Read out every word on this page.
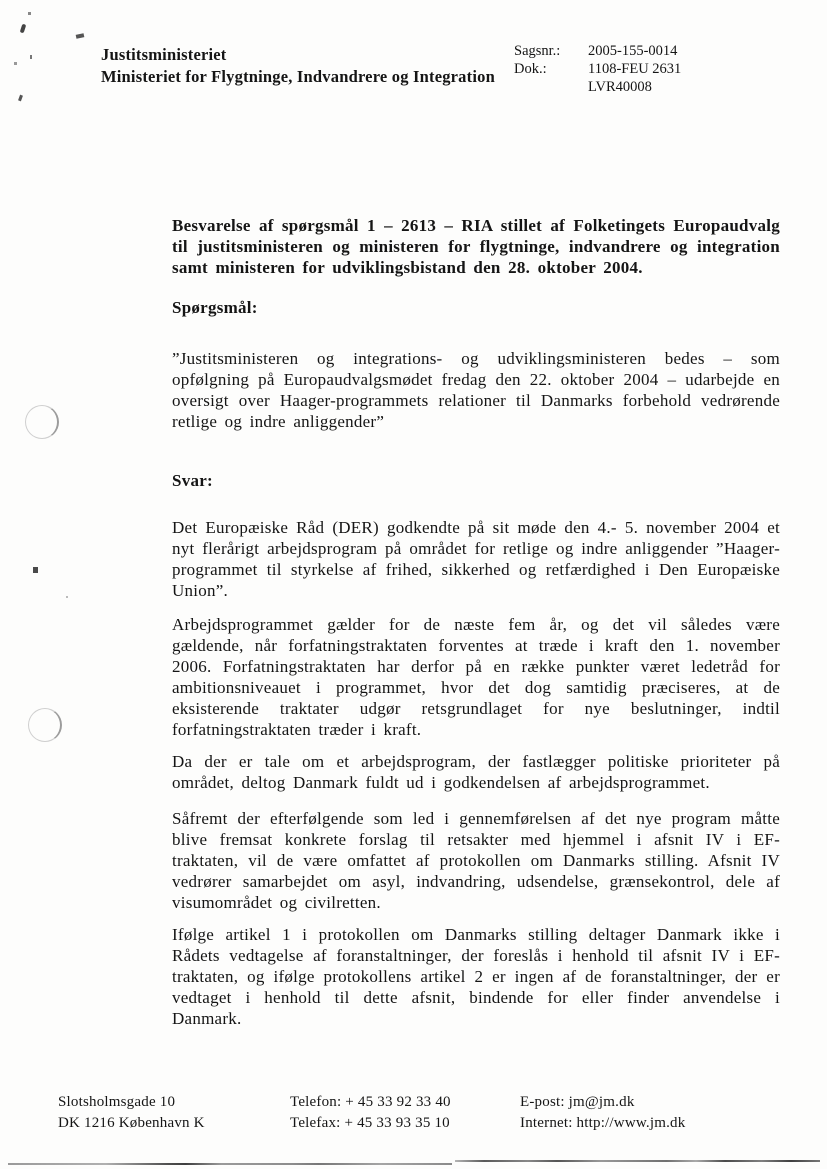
Justitsministeriet
Ministeriet for Flygtninge, Indvandrere og Integration
Sagsnr.:	2005-155-0014
Dok.:	1108-FEU 2631
LVR40008
Besvarelse af spørgsmål 1 – 2613 – RIA stillet af Folketingets Europaudvalg til justitsministeren og ministeren for flygtninge, indvandrere og integration samt ministeren for udviklingsbistand den 28. oktober 2004.
Spørgsmål:
”Justitsministeren og integrations- og udviklingsministeren bedes – som opfølgning på Europaudvalgsmødet fredag den 22. oktober 2004 – udarbejde en oversigt over Haager-programmets relationer til Danmarks forbehold vedrørende retlige og indre anliggender”
Svar:
Det Europæiske Råd (DER) godkendte på sit møde den 4.- 5. november 2004 et nyt flerårigt arbejdsprogram på området for retlige og indre anliggender ”Haager-programmet til styrkelse af frihed, sikkerhed og retfærdighed i Den Europæiske Union”.
Arbejdsprogrammet gælder for de næste fem år, og det vil således være gældende, når forfatningstraktaten forventes at træde i kraft den 1. november 2006. Forfatningstraktaten har derfor på en række punkter været ledetråd for ambitionsniveauet i programmet, hvor det dog samtidig præciseres, at de eksisterende traktater udgør retsgrundlaget for nye beslutninger, indtil forfatningstraktaten træder i kraft.
Da der er tale om et arbejdsprogram, der fastlægger politiske prioriteter på området, deltog Danmark fuldt ud i godkendelsen af arbejdsprogrammet.
Såfremt der efterfølgende som led i gennemførelsen af det nye program måtte blive fremsat konkrete forslag til retsakter med hjemmel i afsnit IV i EF-traktaten, vil de være omfattet af protokollen om Danmarks stilling. Afsnit IV vedrører samarbejdet om asyl, indvandring, udsendelse, grænsekontrol, dele af visumområdet og civilretten.
Ifølge artikel 1 i protokollen om Danmarks stilling deltager Danmark ikke i Rådets vedtagelse af foranstaltninger, der foreslås i henhold til afsnit IV i EF-traktaten, og ifølge protokollens artikel 2 er ingen af de foranstaltninger, der er vedtaget i henhold til dette afsnit, bindende for eller finder anvendelse i Danmark.
Slotsholmsgade 10
DK 1216 København K
Telefon: + 45 33 92 33 40
Telefax: + 45 33 93 35 10
E-post: jm@jm.dk
Internet: http://www.jm.dk
